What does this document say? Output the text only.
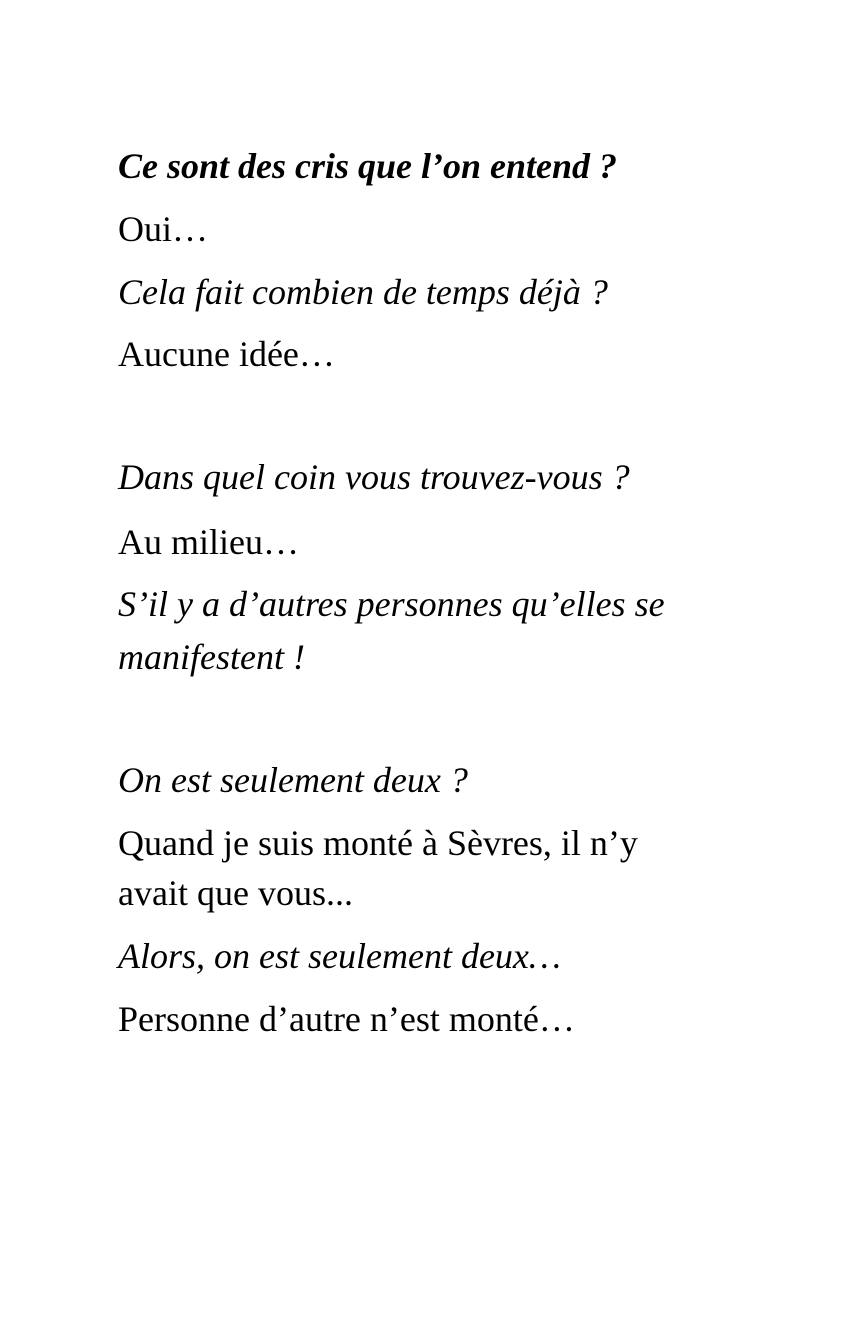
Ce sont des cris que l’on entend ?
Oui…
Cela fait combien de temps déjà ?
Aucune idée…
Dans quel coin vous trouvez-vous ?
Au milieu…
S’il y a d’autres personnes qu’elles se
manifestent !
On est seulement deux ?
Quand je suis monté à Sèvres, il n’y
avait que vous...
Alors, on est seulement deux…
Personne d’autre n’est monté…
